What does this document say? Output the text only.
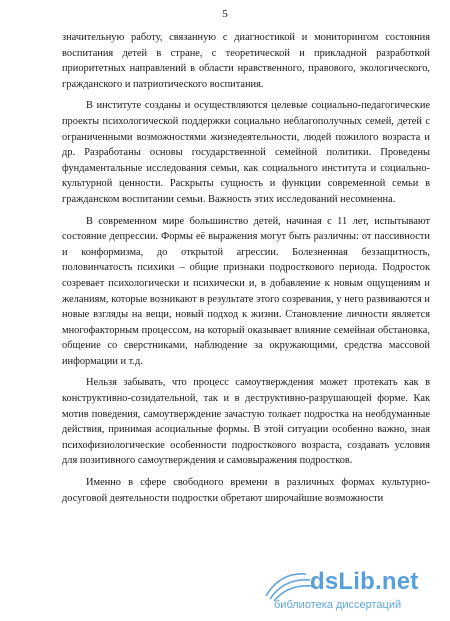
5

значительную работу, связанную с диагностикой и мониторингом состояния воспитания детей в стране, с теоретической и прикладной разработкой приоритетных направлений в области нравственного, правового, экологического, гражданского и патриотического воспитания.

В институте созданы и осуществляются целевые социально-педагогические проекты психологической поддержки социально неблагополучных семей, детей с ограниченными возможностями жизнедеятельности, людей пожилого возраста и др. Разработаны основы государственной семейной политики. Проведены фундаментальные исследования семьи, как социального института и социально-культурной ценности. Раскрыты сущность и функции современной семьи в гражданском воспитании семьи. Важность этих исследований несомненна.

В современном мире большинство детей, начиная с 11 лет, испытывают состояние депрессии. Формы её выражения могут быть различны: от пассивности и конформизма, до открытой агрессии. Болезненная беззащитность, половинчатость психики – общие признаки подросткового периода. Подросток созревает психологически и психически и, в добавление к новым ощущениям и желаниям, которые возникают в результате этого созревания, у него развиваются и новые взгляды на вещи, новый подход к жизни. Становление личности является многофакторным процессом, на который оказывает влияние семейная обстановка, общение со сверстниками, наблюдение за окружающими, средства массовой информации и т.д.

Нельзя забывать, что процесс самоутверждения может протекать как в конструктивно-созидательной, так и в деструктивно-разрушающей форме. Как мотив поведения, самоутверждение зачастую толкает подростка на необдуманные действия, принимая асоциальные формы. В этой ситуации особенно важно, зная психофизиологические особенности подросткового возраста, создавать условия для позитивного самоутверждения и самовыражения подростков.

Именно в сфере свободного времени в различных формах культурно-досуговой деятельности подростки обретают широчайшие возможности

dsLib.net
библиотека диссертаций
